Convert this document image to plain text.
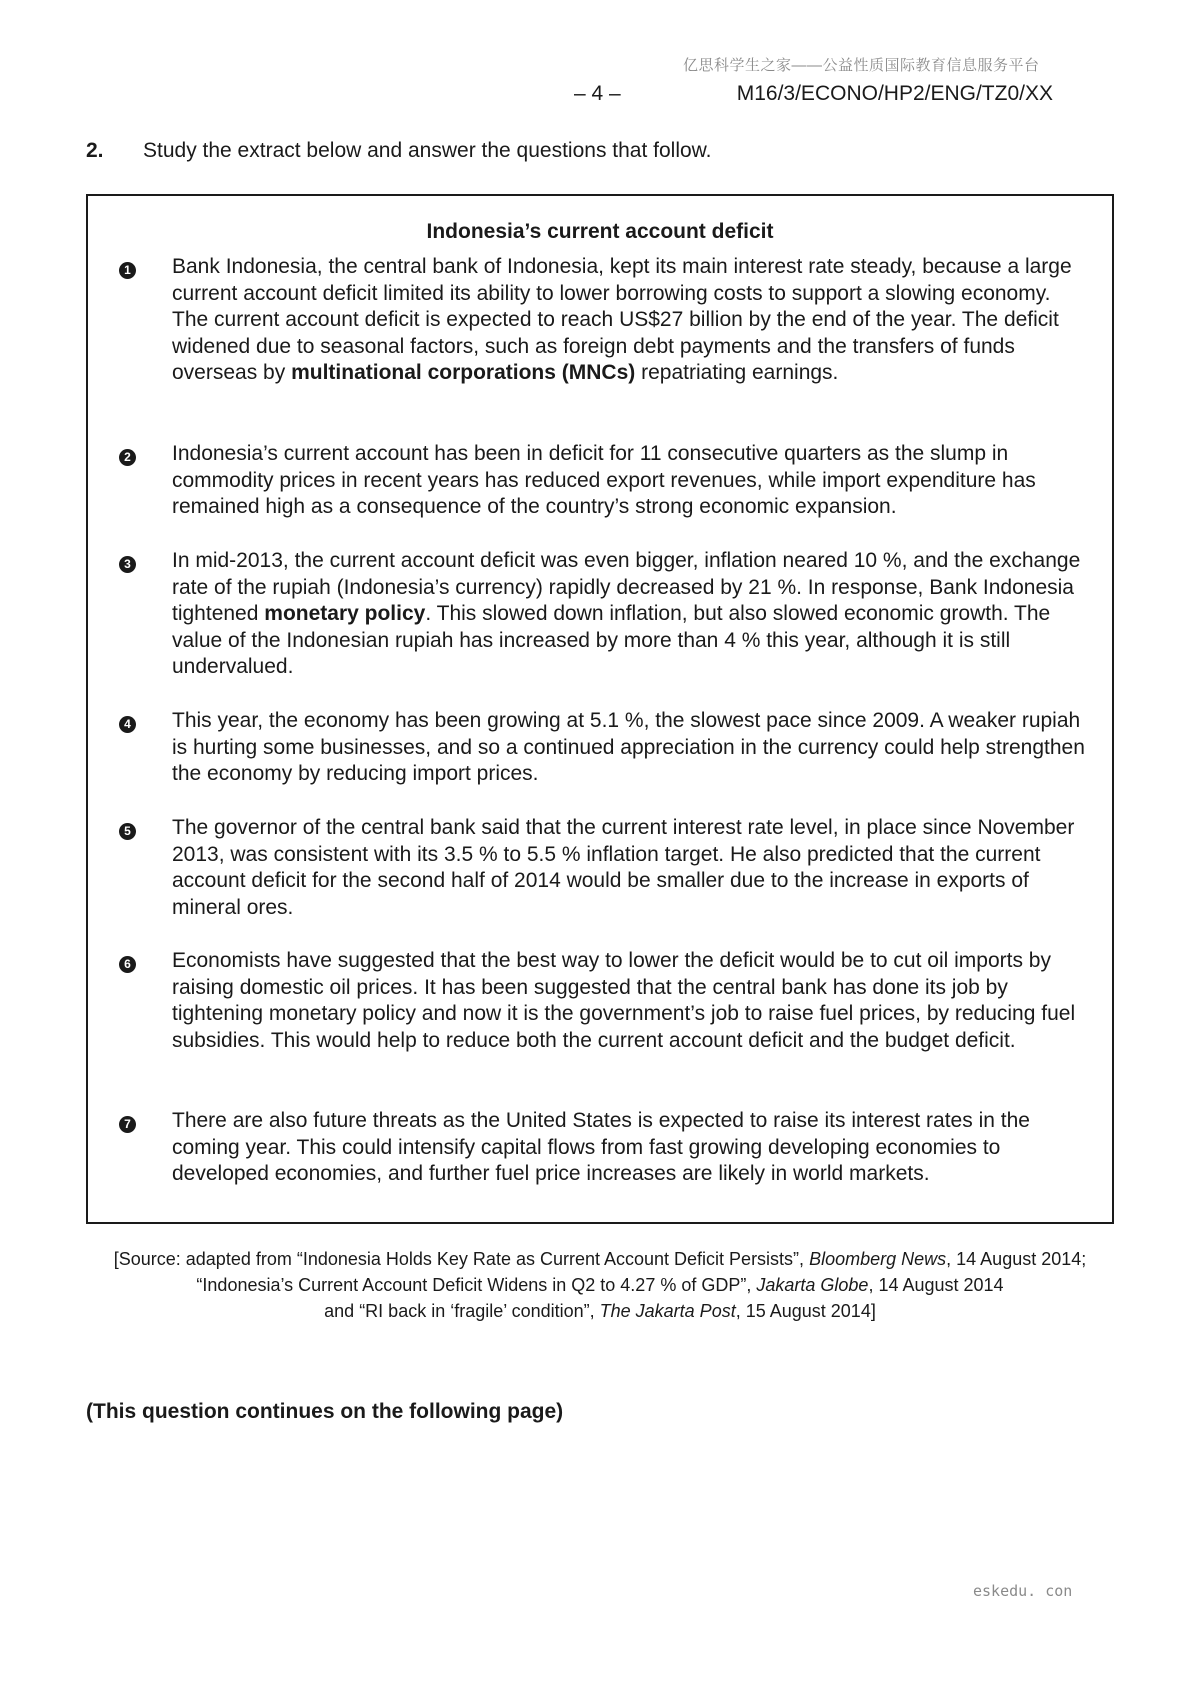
亿思科学生之家——公益性质国际教育信息服务平台
– 4 –	M16/3/ECONO/HP2/ENG/TZ0/XX
2. Study the extract below and answer the questions that follow.
Indonesia’s current account deficit
1 Bank Indonesia, the central bank of Indonesia, kept its main interest rate steady, because a large current account deficit limited its ability to lower borrowing costs to support a slowing economy. The current account deficit is expected to reach US$27 billion by the end of the year. The deficit widened due to seasonal factors, such as foreign debt payments and the transfers of funds overseas by multinational corporations (MNCs) repatriating earnings.
2 Indonesia’s current account has been in deficit for 11 consecutive quarters as the slump in commodity prices in recent years has reduced export revenues, while import expenditure has remained high as a consequence of the country’s strong economic expansion.
3 In mid-2013, the current account deficit was even bigger, inflation neared 10 %, and the exchange rate of the rupiah (Indonesia’s currency) rapidly decreased by 21 %. In response, Bank Indonesia tightened monetary policy. This slowed down inflation, but also slowed economic growth. The value of the Indonesian rupiah has increased by more than 4 % this year, although it is still undervalued.
4 This year, the economy has been growing at 5.1 %, the slowest pace since 2009. A weaker rupiah is hurting some businesses, and so a continued appreciation in the currency could help strengthen the economy by reducing import prices.
5 The governor of the central bank said that the current interest rate level, in place since November 2013, was consistent with its 3.5 % to 5.5 % inflation target. He also predicted that the current account deficit for the second half of 2014 would be smaller due to the increase in exports of mineral ores.
6 Economists have suggested that the best way to lower the deficit would be to cut oil imports by raising domestic oil prices. It has been suggested that the central bank has done its job by tightening monetary policy and now it is the government’s job to raise fuel prices, by reducing fuel subsidies. This would help to reduce both the current account deficit and the budget deficit.
7 There are also future threats as the United States is expected to raise its interest rates in the coming year. This could intensify capital flows from fast growing developing economies to developed economies, and further fuel price increases are likely in world markets.
[Source: adapted from “Indonesia Holds Key Rate as Current Account Deficit Persists”, Bloomberg News, 14 August 2014;
“Indonesia’s Current Account Deficit Widens in Q2 to 4.27 % of GDP”, Jakarta Globe, 14 August 2014
and “RI back in ‘fragile’ condition”, The Jakarta Post, 15 August 2014]
(This question continues on the following page)
eskedu. con
